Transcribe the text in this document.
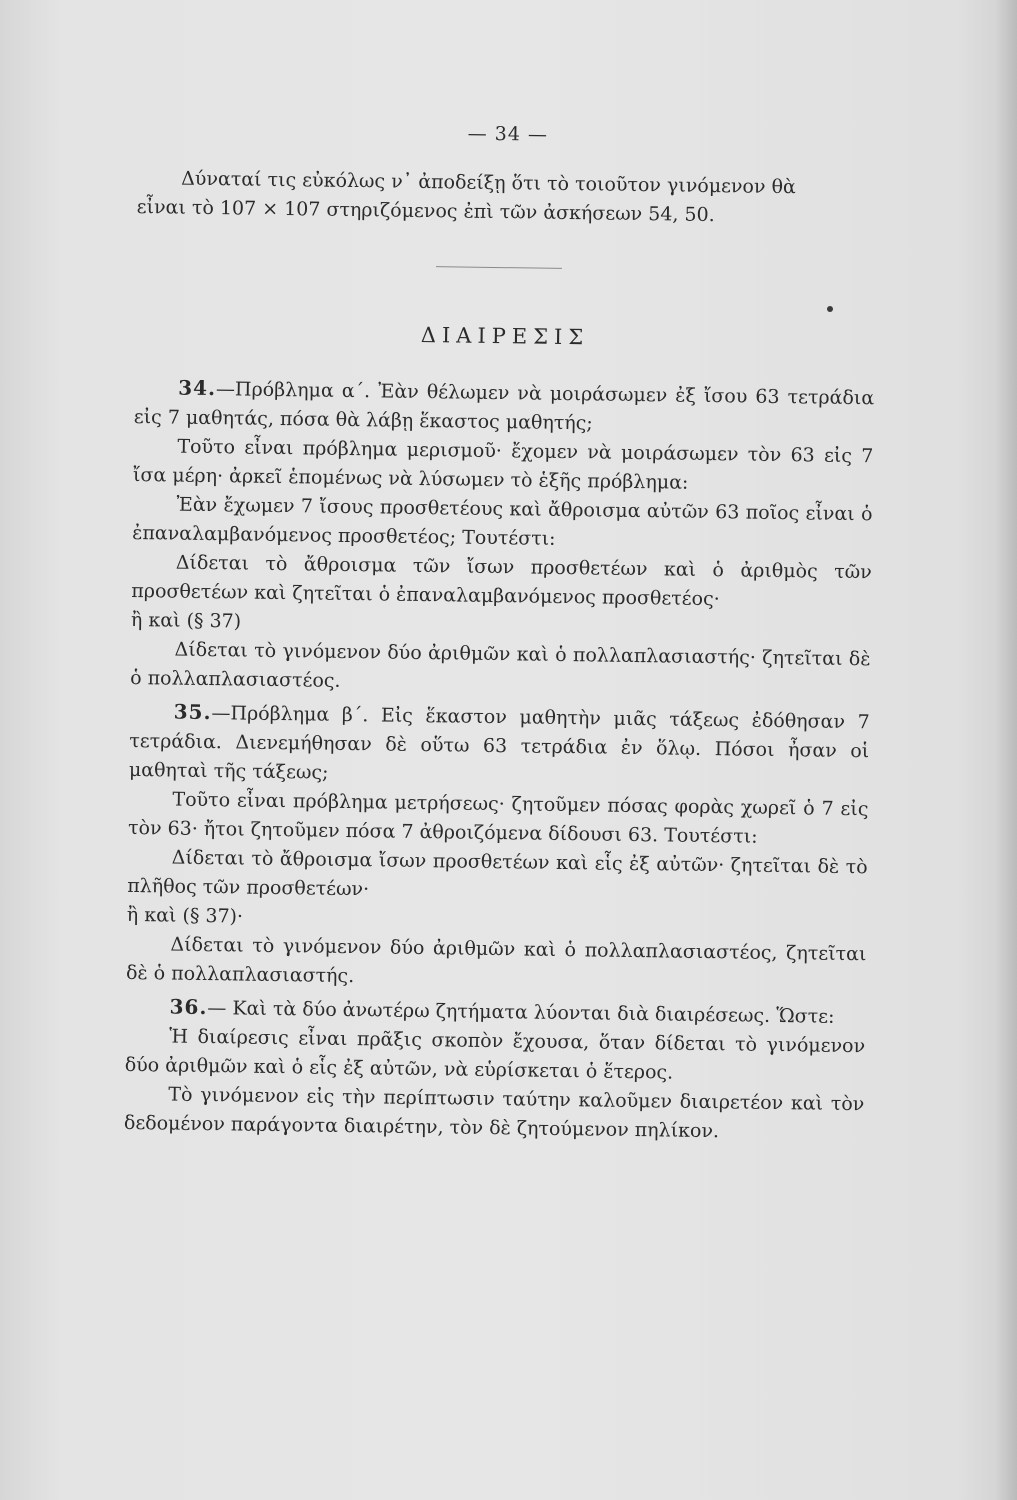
— 34 —

Δύναταί τις εὐκόλως ν᾽ ἀποδείξῃ ὅτι τὸ τοιοῦτον γινόμενον θὰ

εἶναι τὸ 107 × 107 στηριζόμενος ἐπὶ τῶν ἀσκήσεων 54, 50.

ΔΙΑΙΡΕΣΙΣ

34.—Πρόβλημα α΄. Ἐὰν θέλωμεν νὰ μοιράσωμεν ἐξ ἴσου 63 τετράδια εἰς 7 μαθητάς, πόσα θὰ λάβῃ ἕκαστος μαθητής;

Τοῦτο εἶναι πρόβλημα μερισμοῦ· ἔχομεν νὰ μοιράσωμεν τὸν 63 εἰς 7 ἴσα μέρη· ἀρκεῖ ἑπομένως νὰ λύσωμεν τὸ ἑξῆς πρόβλημα:

Ἐὰν ἔχωμεν 7 ἴσους προσθετέους καὶ ἄθροισμα αὐτῶν 63 ποῖος εἶναι ὁ ἐπαναλαμβανόμενος προσθετέος; Τουτέστι:

Δίδεται τὸ ἄθροισμα τῶν ἴσων προσθετέων καὶ ὁ ἀριθμὸς τῶν προσθετέων καὶ ζητεῖται ὁ ἐπαναλαμβανόμενος προσθετέος·

ἢ καὶ (§ 37)

Δίδεται τὸ γινόμενον δύο ἀριθμῶν καὶ ὁ πολλαπλασιαστής· ζητεῖται δὲ ὁ πολλαπλασιαστέος.

35.—Πρόβλημα β΄. Εἰς ἕκαστον μαθητὴν μιᾶς τάξεως ἐδόθησαν 7 τετράδια. Διενεμήθησαν δὲ οὕτω 63 τετράδια ἐν ὅλῳ. Πόσοι ἦσαν οἱ μαθηταὶ τῆς τάξεως;

Τοῦτο εἶναι πρόβλημα μετρήσεως· ζητοῦμεν πόσας φορὰς χωρεῖ ὁ 7 εἰς τὸν 63· ἤτοι ζητοῦμεν πόσα 7 ἀθροιζόμενα δίδουσι 63. Τουτέστι:

Δίδεται τὸ ἄθροισμα ἴσων προσθετέων καὶ εἷς ἐξ αὐτῶν· ζητεῖται δὲ τὸ πλῆθος τῶν προσθετέων·

ἢ καὶ (§ 37)·

Δίδεται τὸ γινόμενον δύο ἀριθμῶν καὶ ὁ πολλαπλασιαστέος, ζητεῖται δὲ ὁ πολλαπλασιαστής.

36.— Καὶ τὰ δύο ἀνωτέρω ζητήματα λύονται διὰ διαιρέσεως. Ὥστε:

Ἡ διαίρεσις εἶναι πρᾶξις σκοπὸν ἔχουσα, ὅταν δίδεται τὸ γινόμενον δύο ἀριθμῶν καὶ ὁ εἷς ἐξ αὐτῶν, νὰ εὑρίσκεται ὁ ἕτερος.

Τὸ γινόμενον εἰς τὴν περίπτωσιν ταύτην καλοῦμεν διαιρετέον καὶ τὸν δεδομένον παράγοντα διαιρέτην, τὸν δὲ ζητούμενον πηλίκον.
